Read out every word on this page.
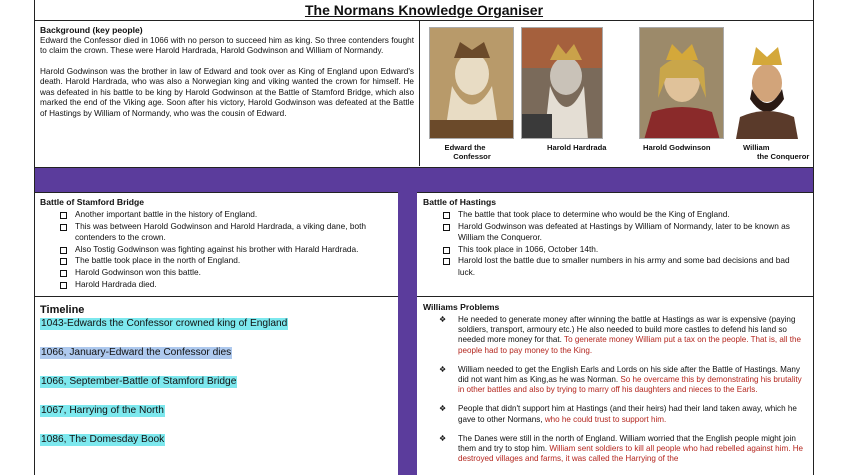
The Normans Knowledge Organiser
Background (key people)

Edward the Confessor died in 1066 with no person to succeed him as king. So three contenders fought to claim the crown. These were Harold Hardrada, Harold Godwinson and William of Normandy.

Harold Godwinson was the brother in law of Edward and took over as King of England upon Edward's death. Harold Hardrada, who was also a Norwegian king and viking wanted the crown for himself. He was defeated in his battle to be king by Harold Godwinson at the Battle of Stamford Bridge, which also marked the end of the Viking age. Soon after his victory, Harold Godwinson was defeated at the Battle of Hastings by William of Normandy, who was the cousin of Edward.

Edward the
Confessor
Harold Hardrada	Harold Godwinson	William
the Conqueror
Battle of Stamford Bridge
Another important battle in the history of England.
This was between Harold Godwinson and Harold Hardrada, a viking dane, both contenders to the crown.
Also Tostig Godwinson was fighting against his brother with Harald Hardrada.
The battle took place in the north of England.
Harold Godwinson won this battle.
Harold Hardrada died.
Battle of Hastings
The battle that took place to determine who would be the King of England.
Harold Godwinson was defeated at Hastings by William of Normandy, later to be known as William the Conqueror.
This took place in 1066, October 14th.
Harold lost the battle due to smaller numbers in his army and some bad decisions and bad luck.
Timeline
1043-Edwards the Confessor crowned king of England
1066, January-Edward the Confessor dies
1066, September-Battle of Stamford Bridge
1067, Harrying of the North
1086, The Domesday Book
Williams Problems
❖ He needed to generate money after winning the battle at Hastings as war is expensive (paying soldiers, transport, armoury etc.) He also needed to build more castles to defend his land so needed more money for that. To generate money William put a tax on the people. That is, all the people had to pay money to the King.
❖ William needed to get the English Earls and Lords on his side after the Battle of Hastings. Many did not want him as King,as he was Norman. So he overcame this by demonstrating his brutality in other battles and also by trying to marry off his daughters and nieces to the Earls.
❖ People that didn't support him at Hastings (and their heirs) had their land taken away, which he gave to other Normans, who he could trust to support him.
❖ The Danes were still in the north of England. William worried that the English people might join them and try to stop him. William sent soldiers to kill all people who had rebelled against him. He destroyed villages and farms, it was called the Harrying of the
